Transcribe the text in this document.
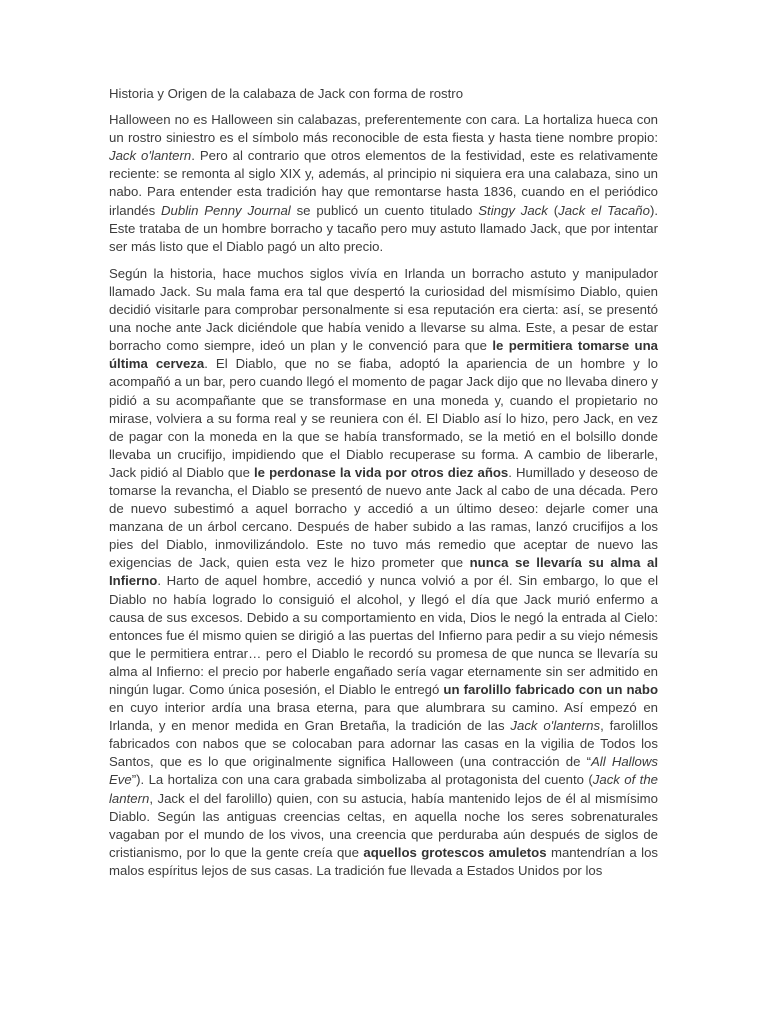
Historia y Origen de la calabaza de Jack con forma de rostro
Halloween no es Halloween sin calabazas, preferentemente con cara. La hortaliza hueca con un rostro siniestro es el símbolo más reconocible de esta fiesta y hasta tiene nombre propio: Jack o'lantern. Pero al contrario que otros elementos de la festividad, este es relativamente reciente: se remonta al siglo XIX y, además, al principio ni siquiera era una calabaza, sino un nabo. Para entender esta tradición hay que remontarse hasta 1836, cuando en el periódico irlandés Dublin Penny Journal se publicó un cuento titulado Stingy Jack (Jack el Tacaño). Este trataba de un hombre borracho y tacaño pero muy astuto llamado Jack, que por intentar ser más listo que el Diablo pagó un alto precio.
Según la historia, hace muchos siglos vivía en Irlanda un borracho astuto y manipulador llamado Jack. Su mala fama era tal que despertó la curiosidad del mismísimo Diablo, quien decidió visitarle para comprobar personalmente si esa reputación era cierta: así, se presentó una noche ante Jack diciéndole que había venido a llevarse su alma. Este, a pesar de estar borracho como siempre, ideó un plan y le convenció para que le permitiera tomarse una última cerveza. El Diablo, que no se fiaba, adoptó la apariencia de un hombre y lo acompañó a un bar, pero cuando llegó el momento de pagar Jack dijo que no llevaba dinero y pidió a su acompañante que se transformase en una moneda y, cuando el propietario no mirase, volviera a su forma real y se reuniera con él. El Diablo así lo hizo, pero Jack, en vez de pagar con la moneda en la que se había transformado, se la metió en el bolsillo donde llevaba un crucifijo, impidiendo que el Diablo recuperase su forma. A cambio de liberarle, Jack pidió al Diablo que le perdonase la vida por otros diez años. Humillado y deseoso de tomarse la revancha, el Diablo se presentó de nuevo ante Jack al cabo de una década. Pero de nuevo subestimó a aquel borracho y accedió a un último deseo: dejarle comer una manzana de un árbol cercano. Después de haber subido a las ramas, lanzó crucifijos a los pies del Diablo, inmovilizándolo. Este no tuvo más remedio que aceptar de nuevo las exigencias de Jack, quien esta vez le hizo prometer que nunca se llevaría su alma al Infierno. Harto de aquel hombre, accedió y nunca volvió a por él. Sin embargo, lo que el Diablo no había logrado lo consiguió el alcohol, y llegó el día que Jack murió enfermo a causa de sus excesos. Debido a su comportamiento en vida, Dios le negó la entrada al Cielo: entonces fue él mismo quien se dirigió a las puertas del Infierno para pedir a su viejo némesis que le permitiera entrar… pero el Diablo le recordó su promesa de que nunca se llevaría su alma al Infierno: el precio por haberle engañado sería vagar eternamente sin ser admitido en ningún lugar. Como única posesión, el Diablo le entregó un farolillo fabricado con un nabo en cuyo interior ardía una brasa eterna, para que alumbrara su camino. Así empezó en Irlanda, y en menor medida en Gran Bretaña, la tradición de las Jack o'lanterns, farolillos fabricados con nabos que se colocaban para adornar las casas en la vigilia de Todos los Santos, que es lo que originalmente significa Halloween (una contracción de “All Hallows Eve”). La hortaliza con una cara grabada simbolizaba al protagonista del cuento (Jack of the lantern, Jack el del farolillo) quien, con su astucia, había mantenido lejos de él al mismísimo Diablo. Según las antiguas creencias celtas, en aquella noche los seres sobrenaturales vagaban por el mundo de los vivos, una creencia que perduraba aún después de siglos de cristianismo, por lo que la gente creía que aquellos grotescos amuletos mantendrían a los malos espíritus lejos de sus casas. La tradición fue llevada a Estados Unidos por los
